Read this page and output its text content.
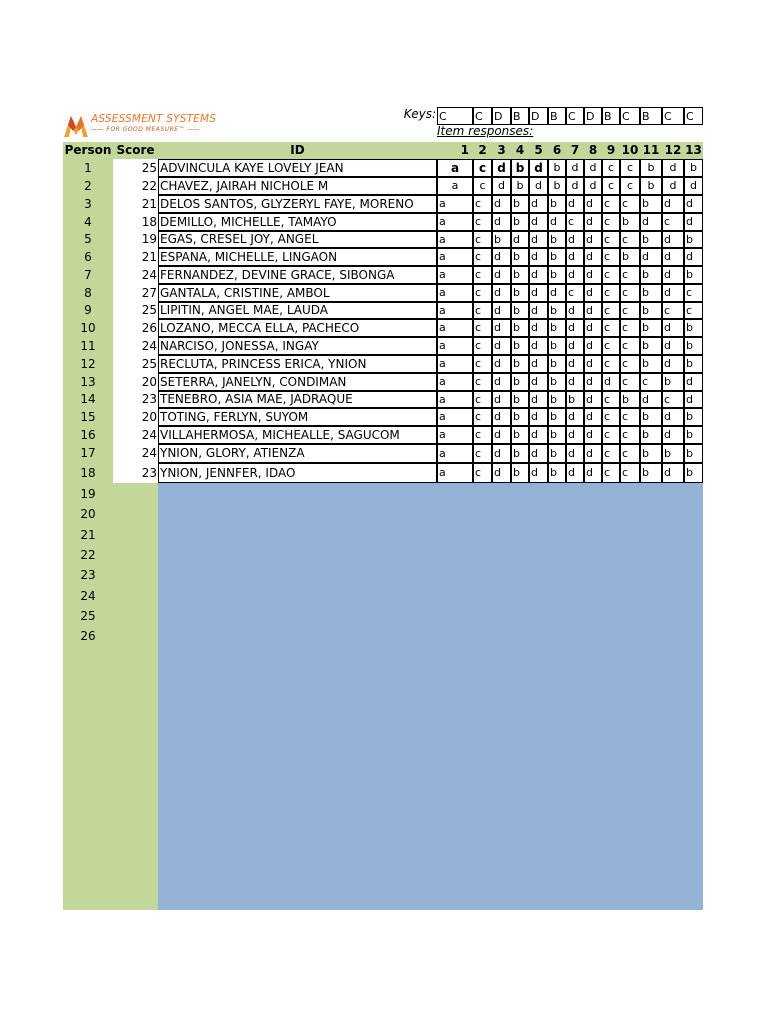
ASSESSMENT SYSTEMS
—— FOR GOOD MEASURE™ ——
Keys:
Item responses:
C	C	D B D B C D B C	B	C	C
Person Score	ID	1 2 3 4 5 6 7 8 9 10 11 12 13
1	25 ADVINCULA KAYE LOVELY JEAN	a	c d b d b	d	d	c	c	b	d	b
2	22 CHAVEZ, JAIRAH NICHOLE M	a	c	d	b	d	b	d	d	c	c	b	d	d
3	21 DELOS SANTOS, GLYZERYL FAYE, MORENO	a	c	d	b	d	b	d	d	c	c	b	d	d
4	18 DEMILLO, MICHELLE, TAMAYO	a	c	d	b	d	d	c	d	c	b	d	c	d
5	19 EGAS, CRESEL JOY, ANGEL	a	c	b	d	d	b	d	d	c	c	b	d	b
6	21 ESPANA, MICHELLE, LINGAON	a	c	d	b	d	b	d	d	c	b	d	d	d
7	24 FERNANDEZ, DEVINE GRACE, SIBONGA	a	c	d	b	d	b	d	d	c	c	b	d	b
8	27 GANTALA, CRISTINE, AMBOL	a	c	d	b	d	d	c	d	c	c	b	d	c
9	25 LIPITIN, ANGEL MAE, LAUDA	a	c	d	b	d	b	d	d	c	c	b	c	c
10	26 LOZANO, MECCA ELLA, PACHECO	a	c	d	b	d	b	d	d	c	c	b	d	b
11	24 NARCISO, JONESSA, INGAY	a	c	d	b	d	b	d	d	c	c	b	d	b
12	25 RECLUTA, PRINCESS ERICA, YNION	a	c	d	b	d	b	d	d	c	c	b	d	b
13	20 SETERRA, JANELYN, CONDIMAN	a	c	d	b	d	b	d	d	d	c	c	b	d
14	23 TENEBRO, ASIA MAE, JADRAQUE	a	c	d	b	d	b	b	d	c	b	d	c	d
15	20 TOTING, FERLYN, SUYOM	a	c	d	b	d	b	d	d	c	c	b	d	b
16	24 VILLAHERMOSA, MICHEALLE, SAGUCOM	a	c	d	b	d	b	d	d	c	c	b	d	b
17	24 YNION, GLORY, ATIENZA	a	c	d	b	d	b	d	d	c	c	b	b	b
18	23 YNION, JENNFER, IDAO	a	c	d	b	d	b	d	d	c	c	b	d	b
19
20
21
22
23
24
25
26
